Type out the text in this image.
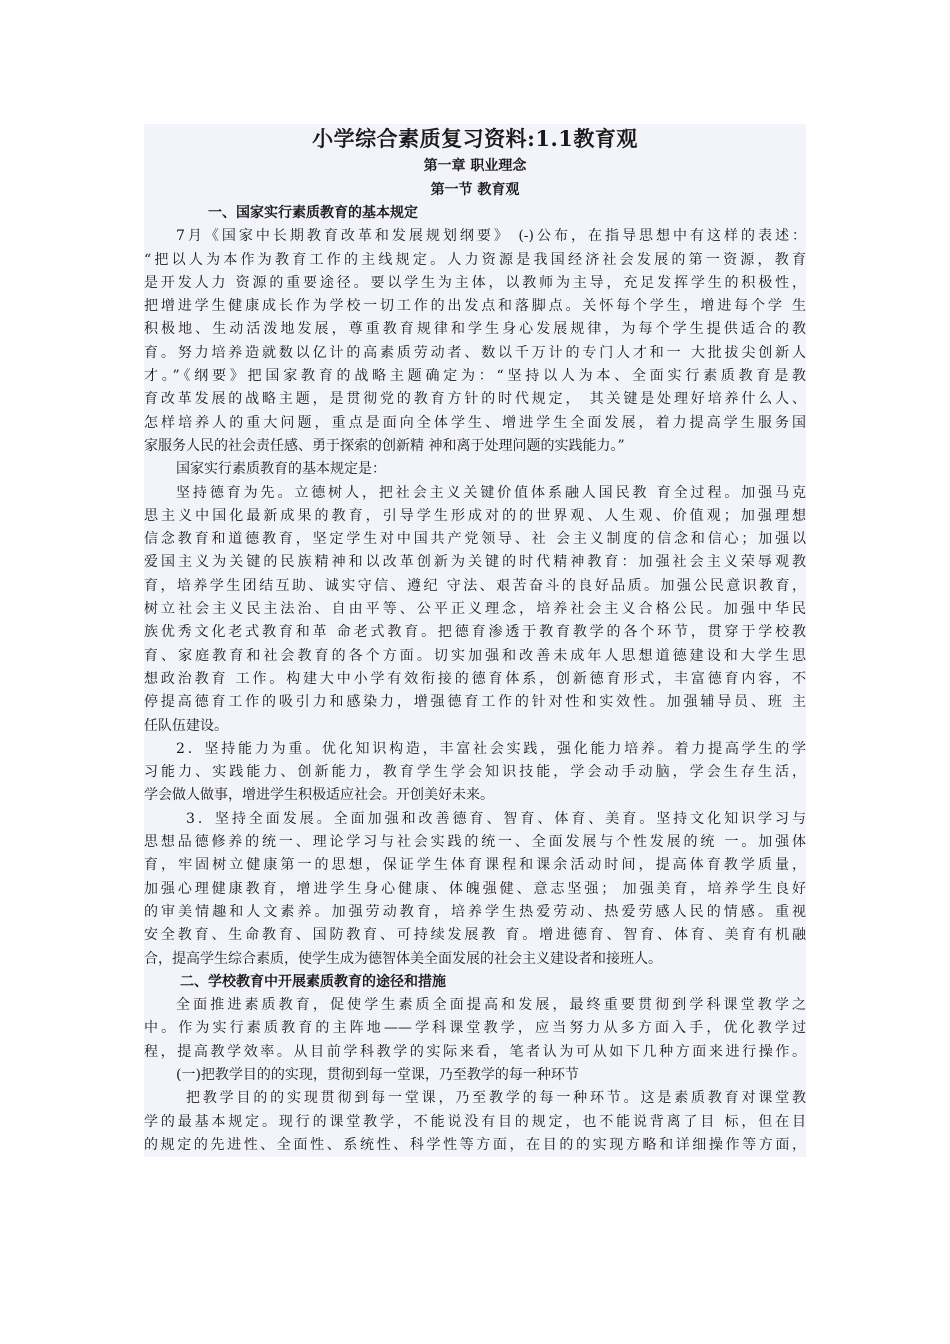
小学综合素质复习资料:1.1教育观

第一章 职业理念

第一节 教育观

一、国家实行素质教育的基本规定

7月《国家中长期教育改革和发展规划纲要》 (-)公布，在指导思想中有这样的表述：

“把以人为本作为教育工作的主线规定。人力资源是我国经济社会发展的第一资源，教育

是开发人力 资源的重要途径。要以学生为主体，以教师为主导，充足发挥学生的积极性，

把增进学生健康成长作为学校一切工作的出发点和落脚点。关怀每个学生，增进每个学 生

积极地、生动活泼地发展，尊重教育规律和学生身心发展规律，为每个学生提供适合的教

育。努力培养造就数以亿计的高素质劳动者、数以千万计的专门人才和一 大批拔尖创新人

才。”《纲要》把国家教育的战略主题确定为：“坚持以人为本、全面实行素质教育是教

育改革发展的战略主题，是贯彻党的教育方针的时代规定， 其关键是处理好培养什么人、

怎样培养人的重大问题，重点是面向全体学生、增进学生全面发展，着力提高学生服务国

家服务人民的社会责任感、勇于探索的创新精 神和离于处理问题的实践能力。”

国家实行素质教育的基本规定是：

坚持德育为先。立德树人，把社会主义关键价值体系融人国民教 育全过程。加强马克

思主义中国化最新成果的教育，引导学生形成对的的世界观、人生观、价值观；加强理想

信念教育和道德教育，坚定学生对中国共产党领导、社 会主义制度的信念和信心；加强以

爱国主义为关键的民族精神和以改革创新为关键的时代精神教育：加强社会主义荣辱观教

育，培养学生团结互助、诚实守信、遵纪 守法、艰苦奋斗的良好品质。加强公民意识教育，

树立社会主义民主法治、自由平等、公平正义理念，培养社会主义合格公民。加强中华民

族优秀文化老式教育和革 命老式教育。把德育渗透于教育教学的各个环节，贯穿于学校教

育、家庭教育和社会教育的各个方面。切实加强和改善未成年人思想道德建设和大学生思

想政治教育 工作。构建大中小学有效衔接的德育体系，创新德育形式，丰富德育内容，不

停提高德育工作的吸引力和感染力，增强德育工作的针对性和实效性。加强辅导员、班 主

任队伍建设。

2．坚持能力为重。优化知识构造，丰富社会实践，强化能力培养。着力提高学生的学

习能力、实践能力、创新能力，教育学生学会知识技能，学会动手动脑，学会生存生活，

学会做人做事，增进学生积极适应社会。开创美好未来。

3．坚持全面发展。全面加强和改善德育、智育、体育、美育。坚持文化知识学习与

思想品德修养的统一、理论学习与社会实践的统一、全面发展与个性发展的统 一。加强体

育，牢固树立健康第一的思想，保证学生体育课程和课余活动时间，提高体育教学质量，

加强心理健康教育，增进学生身心健康、体魄强健、意志坚强； 加强美育，培养学生良好

的审美情趣和人文素养。加强劳动教育，培养学生热爱劳动、热爱劳感人民的情感。重视

安全教育、生命教育、国防教育、可持续发展教 育。增进德育、智育、体育、美育有机融

合，提高学生综合素质，使学生成为德智体美全面发展的社会主义建设者和接班人。

二、学校教育中开展素质教育的途径和措施

全面推进素质教育，促使学生素质全面提高和发展，最终重要贯彻到学科课堂教学之

中。作为实行素质教育的主阵地——学科课堂教学，应当努力从多方面入手，优化教学过

程，提高教学效率。从目前学科教学的实际来看，笔者认为可从如下几种方面来进行操作。

(一)把教学目的的实现，贯彻到每一堂课，乃至教学的每一种环节

把教学目的的实现贯彻到每一堂课，乃至教学的每一种环节。这是素质教育对课堂教

学的最基本规定。现行的课堂教学，不能说没有目的规定，也不能说背离了目 标，但在目

的规定的先进性、全面性、系统性、科学性等方面，在目的的实现方略和详细操作等方面，
